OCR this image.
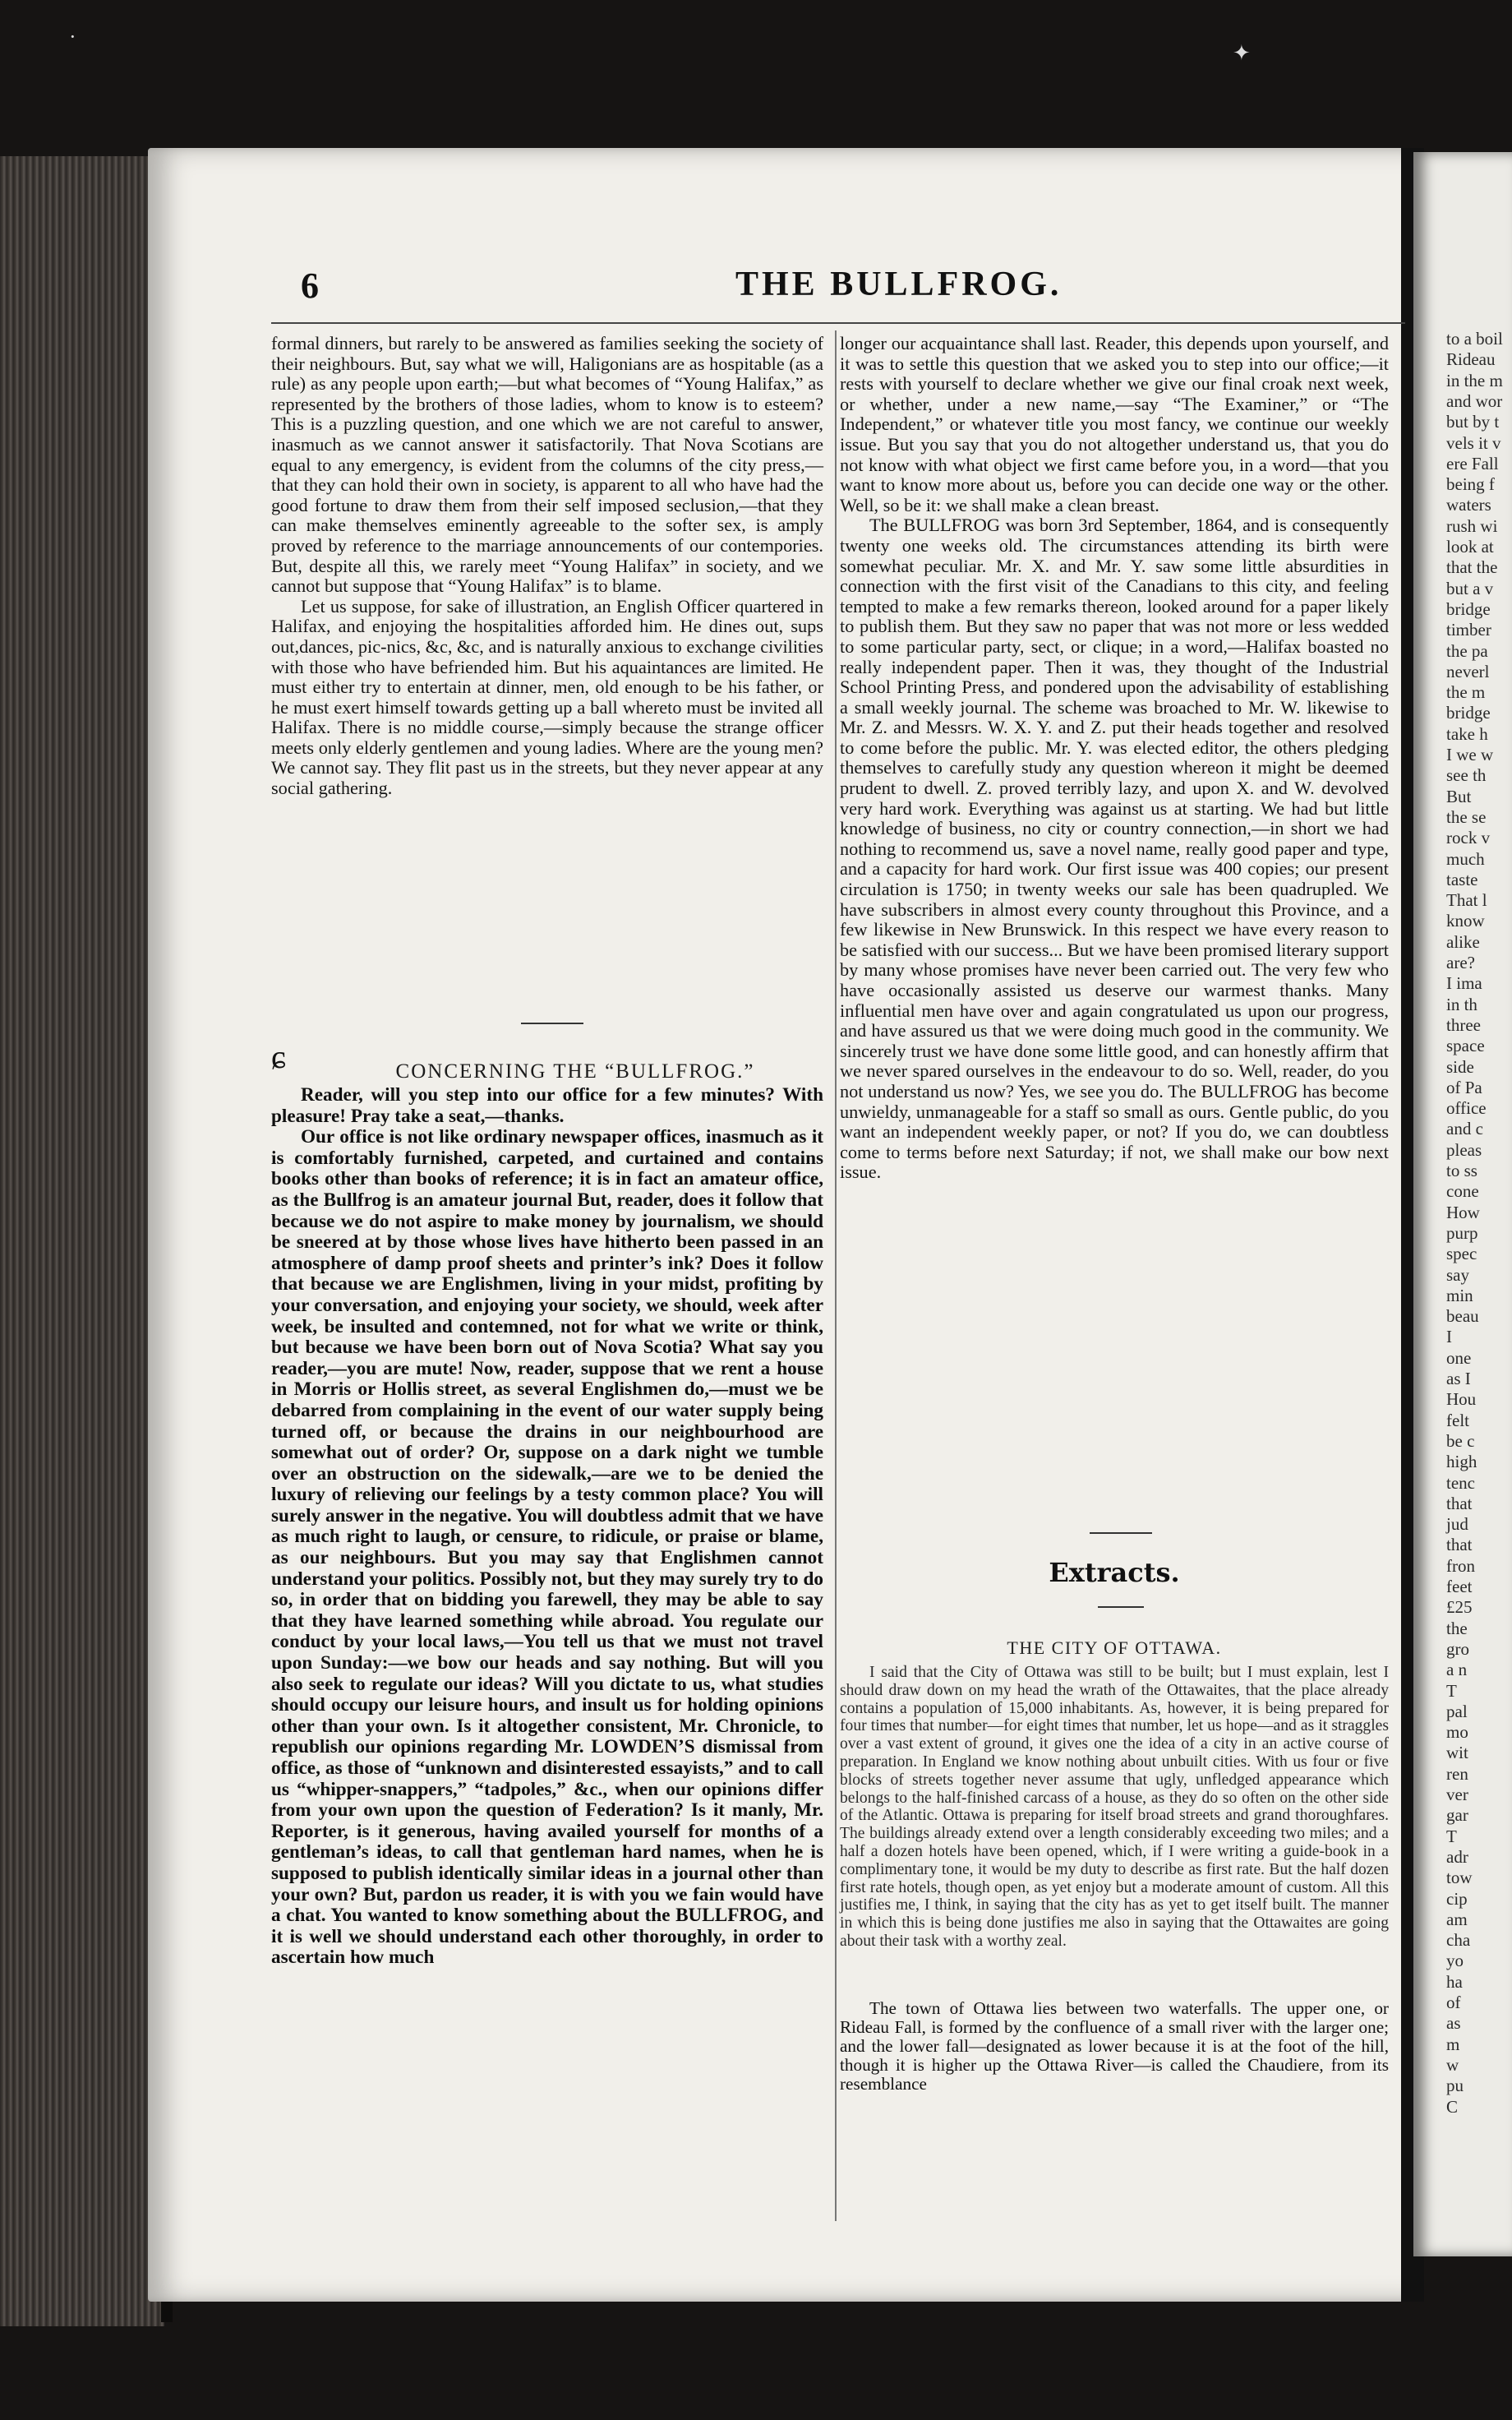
to a boil
Rideau
in the m
and wor
but by t
vels it v
ere Fall
being f
waters
rush wi
look at
that the
but a v
bridge
timber
the pa
neverl
the m
bridge
take h
I we w
see th
But
the se
rock v
much
taste
That l
know
alike
are?
I ima
in th
three
space
side
of Pa
office
and c
pleas
to ss
cone
How
purp
spec
say
min
beau
I
one
as I
Hou
felt
be c
high
tenc
that
jud
that
fron
feet
£25
the
gro
a n
T
pal
mo
wit
ren
ver
gar
T
adr
tow
cip
am
cha
yo
ha
of
as
m
w
pu
C
·
✦
6	THE BULLFROG.

formal dinners, but rarely to be answered as families seeking the society of their neighbours. But, say what we will, Haligonians are as hospitable (as a rule) as any people upon earth;—but what becomes of “Young Halifax,” as represented by the brothers of those ladies, whom to know is to esteem? This is a puzzling question, and one which we are not careful to answer, inasmuch as we cannot answer it satisfactorily. That Nova Scotians are equal to any emergency, is evident from the columns of the city press,—that they can hold their own in society, is apparent to all who have had the good fortune to draw them from their self imposed seclusion,—that they can make themselves eminently agreeable to the softer sex, is amply proved by reference to the marriage announcements of our contempories. But, despite all this, we rarely meet “Young Halifax” in society, and we cannot but suppose that “Young Halifax” is to blame.

Let us suppose, for sake of illustration, an English Officer quartered in Halifax, and enjoying the hospitalities afforded him. He dines out, sups out,dances, pic-nics, &c, &c, and is naturally anxious to exchange civilities with those who have befriended him. But his aquaintances are limited. He must either try to entertain at dinner, men, old enough to be his father, or he must exert himself towards getting up a ball whereto must be invited all Halifax. There is no middle course,—simply because the strange officer meets only elderly gentlemen and young ladies. Where are the young men? We cannot say. They flit past us in the streets, but they never appear at any social gathering.

ɕ	CONCERNING THE “BULLFROG.”

Reader, will you step into our office for a few minutes? With pleasure! Pray take a seat,—thanks.

Our office is not like ordinary newspaper offices, inasmuch as it is comfortably furnished, carpeted, and curtained and contains books other than books of reference; it is in fact an amateur office, as the Bullfrog is an amateur journal But, reader, does it follow that because we do not aspire to make money by journalism, we should be sneered at by those whose lives have hitherto been passed in an atmosphere of damp proof sheets and printer’s ink? Does it follow that because we are Englishmen, living in your midst, profiting by your conversation, and enjoying your society, we should, week after week, be insulted and contemned, not for what we write or think, but because we have been born out of Nova Scotia? What say you reader,—you are mute! Now, reader, suppose that we rent a house in Morris or Hollis street, as several Englishmen do,—must we be debarred from complaining in the event of our water supply being turned off, or because the drains in our neighbourhood are somewhat out of order? Or, suppose on a dark night we tumble over an obstruction on the sidewalk,—are we to be denied the luxury of relieving our feelings by a testy common place? You will surely answer in the negative. You will doubtless admit that we have as much right to laugh, or censure, to ridicule, or praise or blame, as our neighbours. But you may say that Englishmen cannot understand your politics. Possibly not, but they may surely try to do so, in order that on bidding you farewell, they may be able to say that they have learned something while abroad. You regulate our conduct by your local laws,—You tell us that we must not travel upon Sunday:—we bow our heads and say nothing. But will you also seek to regulate our ideas? Will you dictate to us, what studies should occupy our leisure hours, and insult us for holding opinions other than your own. Is it altogether consistent, Mr. Chronicle, to republish our opinions regarding Mr. LOWDEN’S dismissal from office, as those of “unknown and disinterested essayists,” and to call us “whipper-snappers,” “tadpoles,” &c., when our opinions differ from your own upon the question of Federation? Is it manly, Mr. Reporter, is it generous, having availed yourself for months of a gentleman’s ideas, to call that gentleman hard names, when he is supposed to publish identically similar ideas in a journal other than your own? But, pardon us reader, it is with you we fain would have a chat. You wanted to know something about the BULLFROG, and it is well we should understand each other thoroughly, in order to ascertain how much

longer our acquaintance shall last. Reader, this depends upon yourself, and it was to settle this question that we asked you to step into our office;—it rests with yourself to declare whether we give our final croak next week, or whether, under a new name,—say “The Examiner,” or “The Independent,” or whatever title you most fancy, we continue our weekly issue. But you say that you do not altogether understand us, that you do not know with what object we first came before you, in a word—that you want to know more about us, before you can decide one way or the other. Well, so be it: we shall make a clean breast.

The BULLFROG was born 3rd September, 1864, and is consequently twenty one weeks old. The circumstances attending its birth were somewhat peculiar. Mr. X. and Mr. Y. saw some little absurdities in connection with the first visit of the Canadians to this city, and feeling tempted to make a few remarks thereon, looked around for a paper likely to publish them. But they saw no paper that was not more or less wedded to some particular party, sect, or clique; in a word,—Halifax boasted no really independent paper. Then it was, they thought of the Industrial School Printing Press, and pondered upon the advisability of establishing a small weekly journal. The scheme was broached to Mr. W. likewise to Mr. Z. and Messrs. W. X. Y. and Z. put their heads together and resolved to come before the public. Mr. Y. was elected editor, the others pledging themselves to carefully study any question whereon it might be deemed prudent to dwell. Z. proved terribly lazy, and upon X. and W. devolved very hard work. Everything was against us at starting. We had but little knowledge of business, no city or country connection,—in short we had nothing to recommend us, save a novel name, really good paper and type, and a capacity for hard work. Our first issue was 400 copies; our present circulation is 1750; in twenty weeks our sale has been quadrupled. We have subscribers in almost every county throughout this Province, and a few likewise in New Brunswick. In this respect we have every reason to be satisfied with our success... But we have been promised literary support by many whose promises have never been carried out. The very few who have occasionally assisted us deserve our warmest thanks. Many influential men have over and again congratulated us upon our progress, and have assured us that we were doing much good in the community. We sincerely trust we have done some little good, and can honestly affirm that we never spared ourselves in the endeavour to do so. Well, reader, do you not understand us now? Yes, we see you do. The BULLFROG has become unwieldy, unmanageable for a staff so small as ours. Gentle public, do you want an independent weekly paper, or not? If you do, we can doubtless come to terms before next Saturday; if not, we shall make our bow next issue.

Extracts.
THE CITY OF OTTAWA.

I said that the City of Ottawa was still to be built; but I must explain, lest I should draw down on my head the wrath of the Ottawaites, that the place already contains a population of 15,000 inhabitants. As, however, it is being prepared for four times that number—for eight times that number, let us hope—and as it straggles over a vast extent of ground, it gives one the idea of a city in an active course of preparation. In England we know nothing about unbuilt cities. With us four or five blocks of streets together never assume that ugly, unfledged appearance which belongs to the half-finished carcass of a house, as they do so often on the other side of the Atlantic. Ottawa is preparing for itself broad streets and grand thoroughfares. The buildings already extend over a length considerably exceeding two miles; and a half a dozen hotels have been opened, which, if I were writing a guide-book in a complimentary tone, it would be my duty to describe as first rate. But the half dozen first rate hotels, though open, as yet enjoy but a moderate amount of custom. All this justifies me, I think, in saying that the city has as yet to get itself built. The manner in which this is being done justifies me also in saying that the Ottawaites are going about their task with a worthy zeal.

The town of Ottawa lies between two waterfalls. The upper one, or Rideau Fall, is formed by the confluence of a small river with the larger one; and the lower fall—designated as lower because it is at the foot of the hill, though it is higher up the Ottawa River—is called the Chaudiere, from its resemblance
